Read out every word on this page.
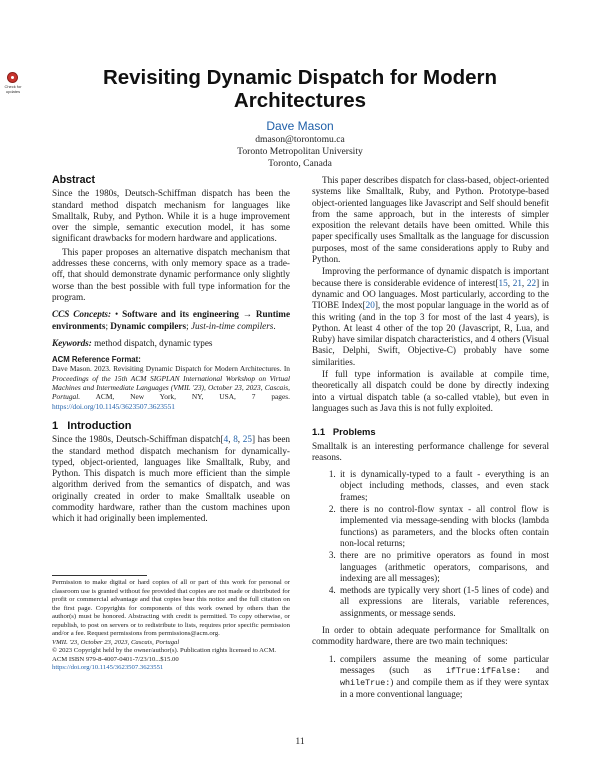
Check for updates
Revisiting Dynamic Dispatch for Modern Architectures
Dave Mason
dmason@torontomu.ca
Toronto Metropolitan University
Toronto, Canada

Abstract

Since the 1980s, Deutsch-Schiffman dispatch has been the standard method dispatch mechanism for languages like Smalltalk, Ruby, and Python. While it is a huge improvement over the simple, semantic execution model, it has some significant drawbacks for modern hardware and applications.

This paper proposes an alternative dispatch mechanism that addresses these concerns, with only memory space as a trade-off, that should demonstrate dynamic performance only slightly worse than the best possible with full type information for the program.

CCS Concepts: • Software and its engineering → Runtime environments; Dynamic compilers; Just-in-time compilers.

Keywords: method dispatch, dynamic types

ACM Reference Format:
Dave Mason. 2023. Revisiting Dynamic Dispatch for Modern Architectures. In Proceedings of the 15th ACM SIGPLAN International Workshop on Virtual Machines and Intermediate Languages (VMIL '23), October 23, 2023, Cascais, Portugal. ACM, New York, NY, USA, 7 pages. https://doi.org/10.1145/3623507.3623551

1 Introduction

Since the 1980s, Deutsch-Schiffman dispatch[4, 8, 25] has been the standard method dispatch mechanism for dynamically-typed, object-oriented, languages like Smalltalk, Ruby, and Python. This dispatch is much more efficient than the simple algorithm derived from the semantics of dispatch, and was originally created in order to make Smalltalk useable on commodity hardware, rather than the custom machines upon which it had originally been implemented.

Permission to make digital or hard copies of all or part of this work for personal or classroom use is granted without fee provided that copies are not made or distributed for profit or commercial advantage and that copies bear this notice and the full citation on the first page. Copyrights for components of this work owned by others than the author(s) must be honored. Abstracting with credit is permitted. To copy otherwise, or republish, to post on servers or to redistribute to lists, requires prior specific permission and/or a fee. Request permissions from permissions@acm.org.

VMIL '23, October 23, 2023, Cascais, Portugal

© 2023 Copyright held by the owner/author(s). Publication rights licensed to ACM.

ACM ISBN 979-8-4007-0401-7/23/10...$15.00

https://doi.org/10.1145/3623507.3623551

This paper describes dispatch for class-based, object-oriented systems like Smalltalk, Ruby, and Python. Prototype-based object-oriented languages like Javascript and Self should benefit from the same approach, but in the interests of simpler exposition the relevant details have been omitted. While this paper specifically uses Smalltalk as the language for discussion purposes, most of the same considerations apply to Ruby and Python.

Improving the performance of dynamic dispatch is important because there is considerable evidence of interest[15, 21, 22] in dynamic and OO languages. Most particularly, according to the TIOBE Index[20], the most popular language in the world as of this writing (and in the top 3 for most of the last 4 years), is Python. At least 4 other of the top 20 (Javascript, R, Lua, and Ruby) have similar dispatch characteristics, and 4 others (Visual Basic, Delphi, Swift, Objective-C) probably have some similarities.

If full type information is available at compile time, theoretically all dispatch could be done by directly indexing into a virtual dispatch table (a so-called vtable), but even in languages such as Java this is not fully exploited.

1.1 Problems

Smalltalk is an interesting performance challenge for several reasons.

1. it is dynamically-typed to a fault - everything is an object including methods, classes, and even stack frames;
2. there is no control-flow syntax - all control flow is implemented via message-sending with blocks (lambda functions) as parameters, and the blocks often contain non-local returns;
3. there are no primitive operators as found in most languages (arithmetic operators, comparisons, and indexing are all messages);
4. methods are typically very short (1-5 lines of code) and all expressions are literals, variable references, assignments, or message sends.

In order to obtain adequate performance for Smalltalk on commodity hardware, there are two main techniques:

1. compilers assume the meaning of some particular messages (such as ifTrue:ifFalse: and whileTrue:) and compile them as if they were syntax in a more conventional language;
11
